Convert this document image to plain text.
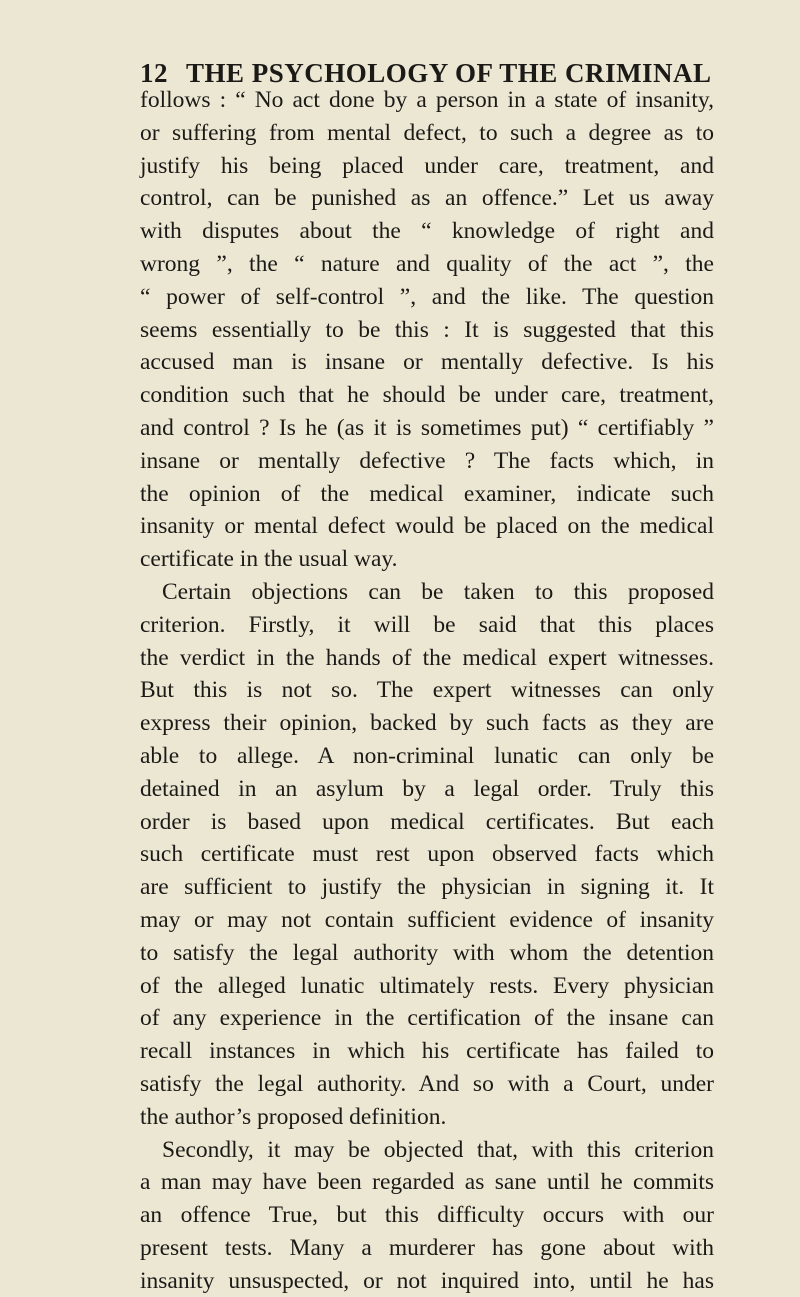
12 THE PSYCHOLOGY OF THE CRIMINAL
follows : “ No act done by a person in a state of insanity,
or suffering from mental defect, to such a degree as to
justify his being placed under care, treatment, and
control, can be punished as an offence.” Let us away
with disputes about the “ knowledge of right and
wrong ”, the “ nature and quality of the act ”, the
“ power of self-control ”, and the like. The question
seems essentially to be this : It is suggested that this
accused man is insane or mentally defective. Is his
condition such that he should be under care, treatment,
and control ? Is he (as it is sometimes put) “ certifiably ”
insane or mentally defective ? The facts which, in
the opinion of the medical examiner, indicate such
insanity or mental defect would be placed on the medical
certificate in the usual way.
Certain objections can be taken to this proposed
criterion. Firstly, it will be said that this places
the verdict in the hands of the medical expert witnesses.
But this is not so. The expert witnesses can only
express their opinion, backed by such facts as they are
able to allege. A non-criminal lunatic can only be
detained in an asylum by a legal order. Truly this
order is based upon medical certificates. But each
such certificate must rest upon observed facts which
are sufficient to justify the physician in signing it. It
may or may not contain sufficient evidence of insanity
to satisfy the legal authority with whom the detention
of the alleged lunatic ultimately rests. Every physician
of any experience in the certification of the insane can
recall instances in which his certificate has failed to
satisfy the legal authority. And so with a Court, under
the author’s proposed definition.
Secondly, it may be objected that, with this criterion
a man may have been regarded as sane until he commits
an offence True, but this difficulty occurs with our
present tests. Many a murderer has gone about with
insanity unsuspected, or not inquired into, until he has
